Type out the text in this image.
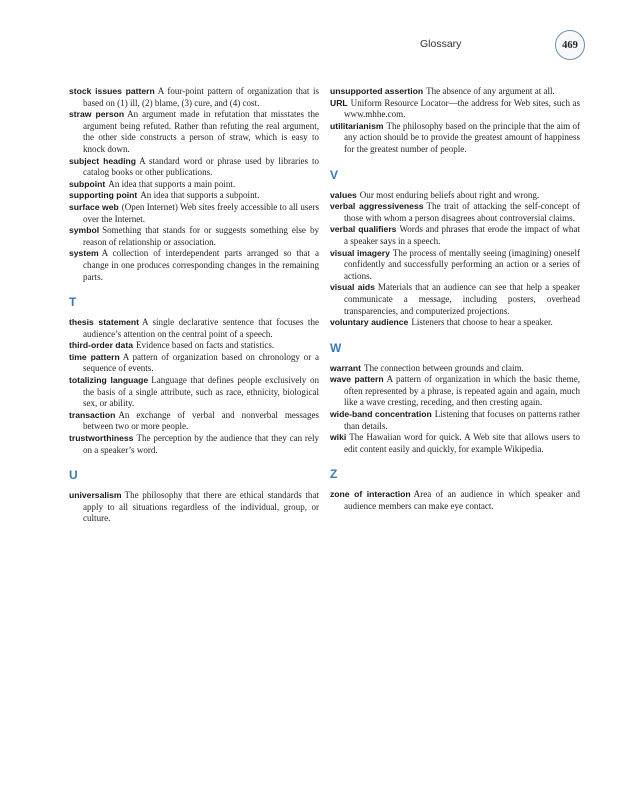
Glossary	469

stock issues pattern A four-point pattern of organization that is based on (1) ill, (2) blame, (3) cure, and (4) cost.

straw person An argument made in refutation that misstates the argument being refuted. Rather than refuting the real argument, the other side constructs a person of straw, which is easy to knock down.

subject heading A standard word or phrase used by libraries to catalog books or other publications.

subpoint An idea that supports a main point.

supporting point An idea that supports a subpoint.

surface web (Open Internet) Web sites freely accessible to all users over the Internet.

symbol Something that stands for or suggests something else by reason of relationship or association.

system A collection of interdependent parts arranged so that a change in one produces corresponding changes in the remaining parts.

T

thesis statement A single declarative sentence that focuses the audience’s attention on the central point of a speech.

third-order data Evidence based on facts and statistics.

time pattern A pattern of organization based on chronology or a sequence of events.

totalizing language Language that defines people exclusively on the basis of a single attribute, such as race, ethnicity, biological sex, or ability.

transaction An exchange of verbal and nonverbal messages between two or more people.

trustworthiness The perception by the audience that they can rely on a speaker’s word.

U

universalism The philosophy that there are ethical standards that apply to all situations regardless of the individual, group, or culture.

unsupported assertion The absence of any argument at all.

URL Uniform Resource Locator—the address for Web sites, such as www.mhhe.com.

utilitarianism The philosophy based on the principle that the aim of any action should be to provide the greatest amount of happiness for the greatest number of people.

V

values Our most enduring beliefs about right and wrong.

verbal aggressiveness The trait of attacking the self-concept of those with whom a person disagrees about controversial claims.

verbal qualifiers Words and phrases that erode the impact of what a speaker says in a speech.

visual imagery The process of mentally seeing (imagining) oneself confidently and successfully performing an action or a series of actions.

visual aids Materials that an audience can see that help a speaker communicate a message, including posters, overhead transparencies, and computerized projections.

voluntary audience Listeners that choose to hear a speaker.

W

warrant The connection between grounds and claim.

wave pattern A pattern of organization in which the basic theme, often represented by a phrase, is repeated again and again, much like a wave cresting, receding, and then cresting again.

wide-band concentration Listening that focuses on patterns rather than details.

wiki The Hawaiian word for quick. A Web site that allows users to edit content easily and quickly, for example Wikipedia.

Z

zone of interaction Area of an audience in which speaker and audience members can make eye contact.
